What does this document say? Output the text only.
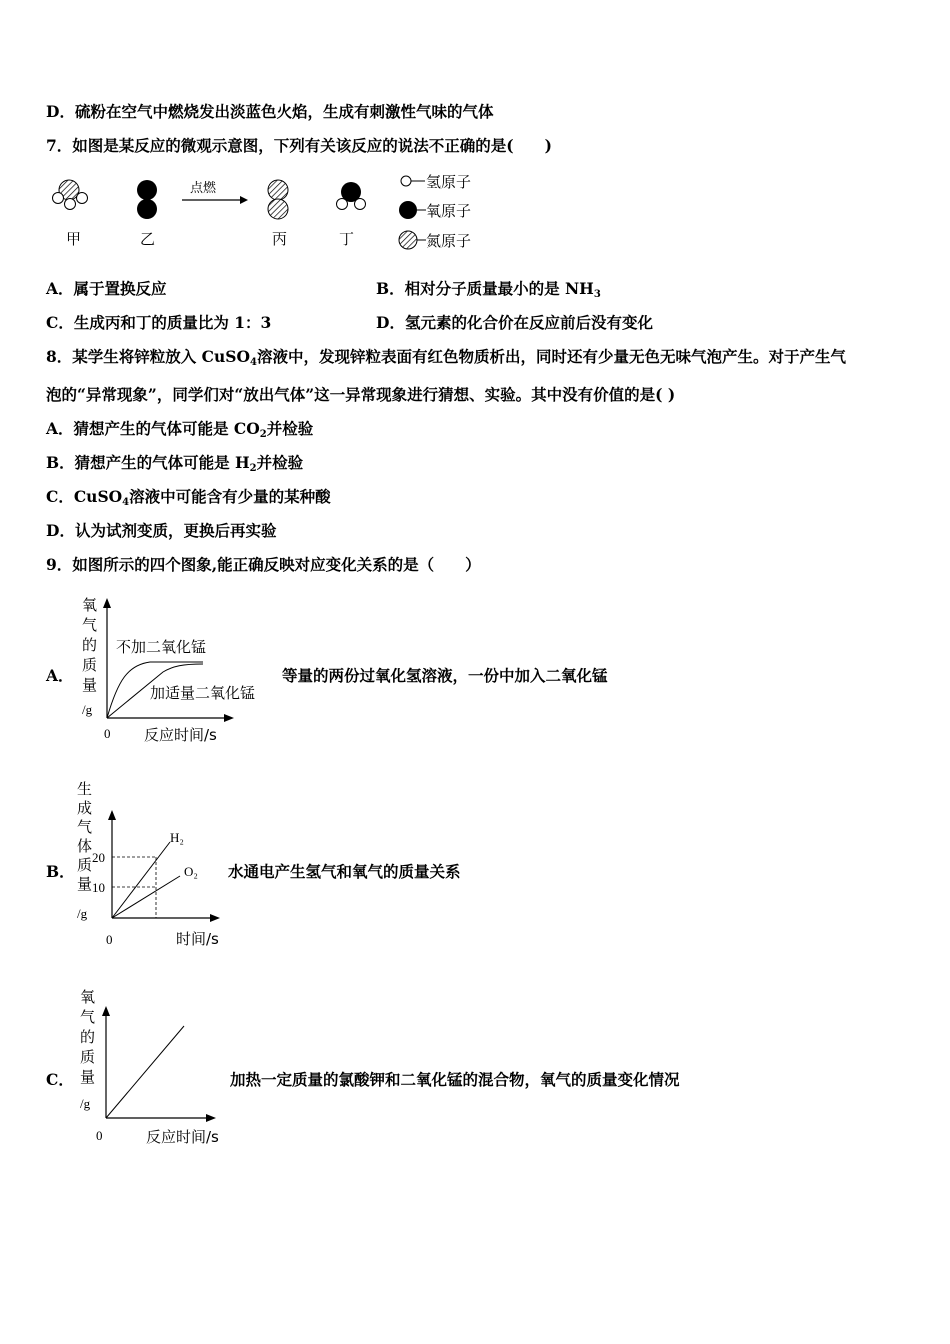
D．硫粉在空气中燃烧发出淡蓝色火焰，生成有刺激性气味的气体
7．如图是某反应的微观示意图，下列有关该反应的说法不正确的是(　　)
甲	乙
点燃
丙	丁
氢原子
氧原子
氮原子
A．属于置换反应	B．相对分子质量最小的是 $NH_3$
C．生成丙和丁的质量比为 1：3	D．氢元素的化合价在反应前后没有变化
8．某学生将锌粒放入 CuSO$_4$溶液中，发现锌粒表面有红色物质析出，同时还有少量无色无味气泡产生。对于产生气
泡的“异常现象”，同学们对“放出气体”这一异常现象进行猜想、实验。其中没有价值的是( )
A．猜想产生的气体可能是 $CO_2$并检验
B．猜想产生的气体可能是 $H_2$并检验
C．CuSO$_4$溶液中可能含有少量的某种酸
D．认为试剂变质，更换后再实验
9．如图所示的四个图象,能正确反映对应变化关系的是（　　）
A．
氧
气
的
质
量
/g
0 反应时间/s
不加二氧化锰
加适量二氧化锰
等量的两份过氧化氢溶液，一份中加入二氧化锰
B．
生
成
气
体
质
量
/g
0	时间/s
20
10
H₂
O₂ 水通电产生氢气和氧气的质量关系
C．
氧
气
的
质
量
/g
0	反应时间/s
加热一定质量的氯酸钾和二氧化锰的混合物，氧气的质量变化情况
